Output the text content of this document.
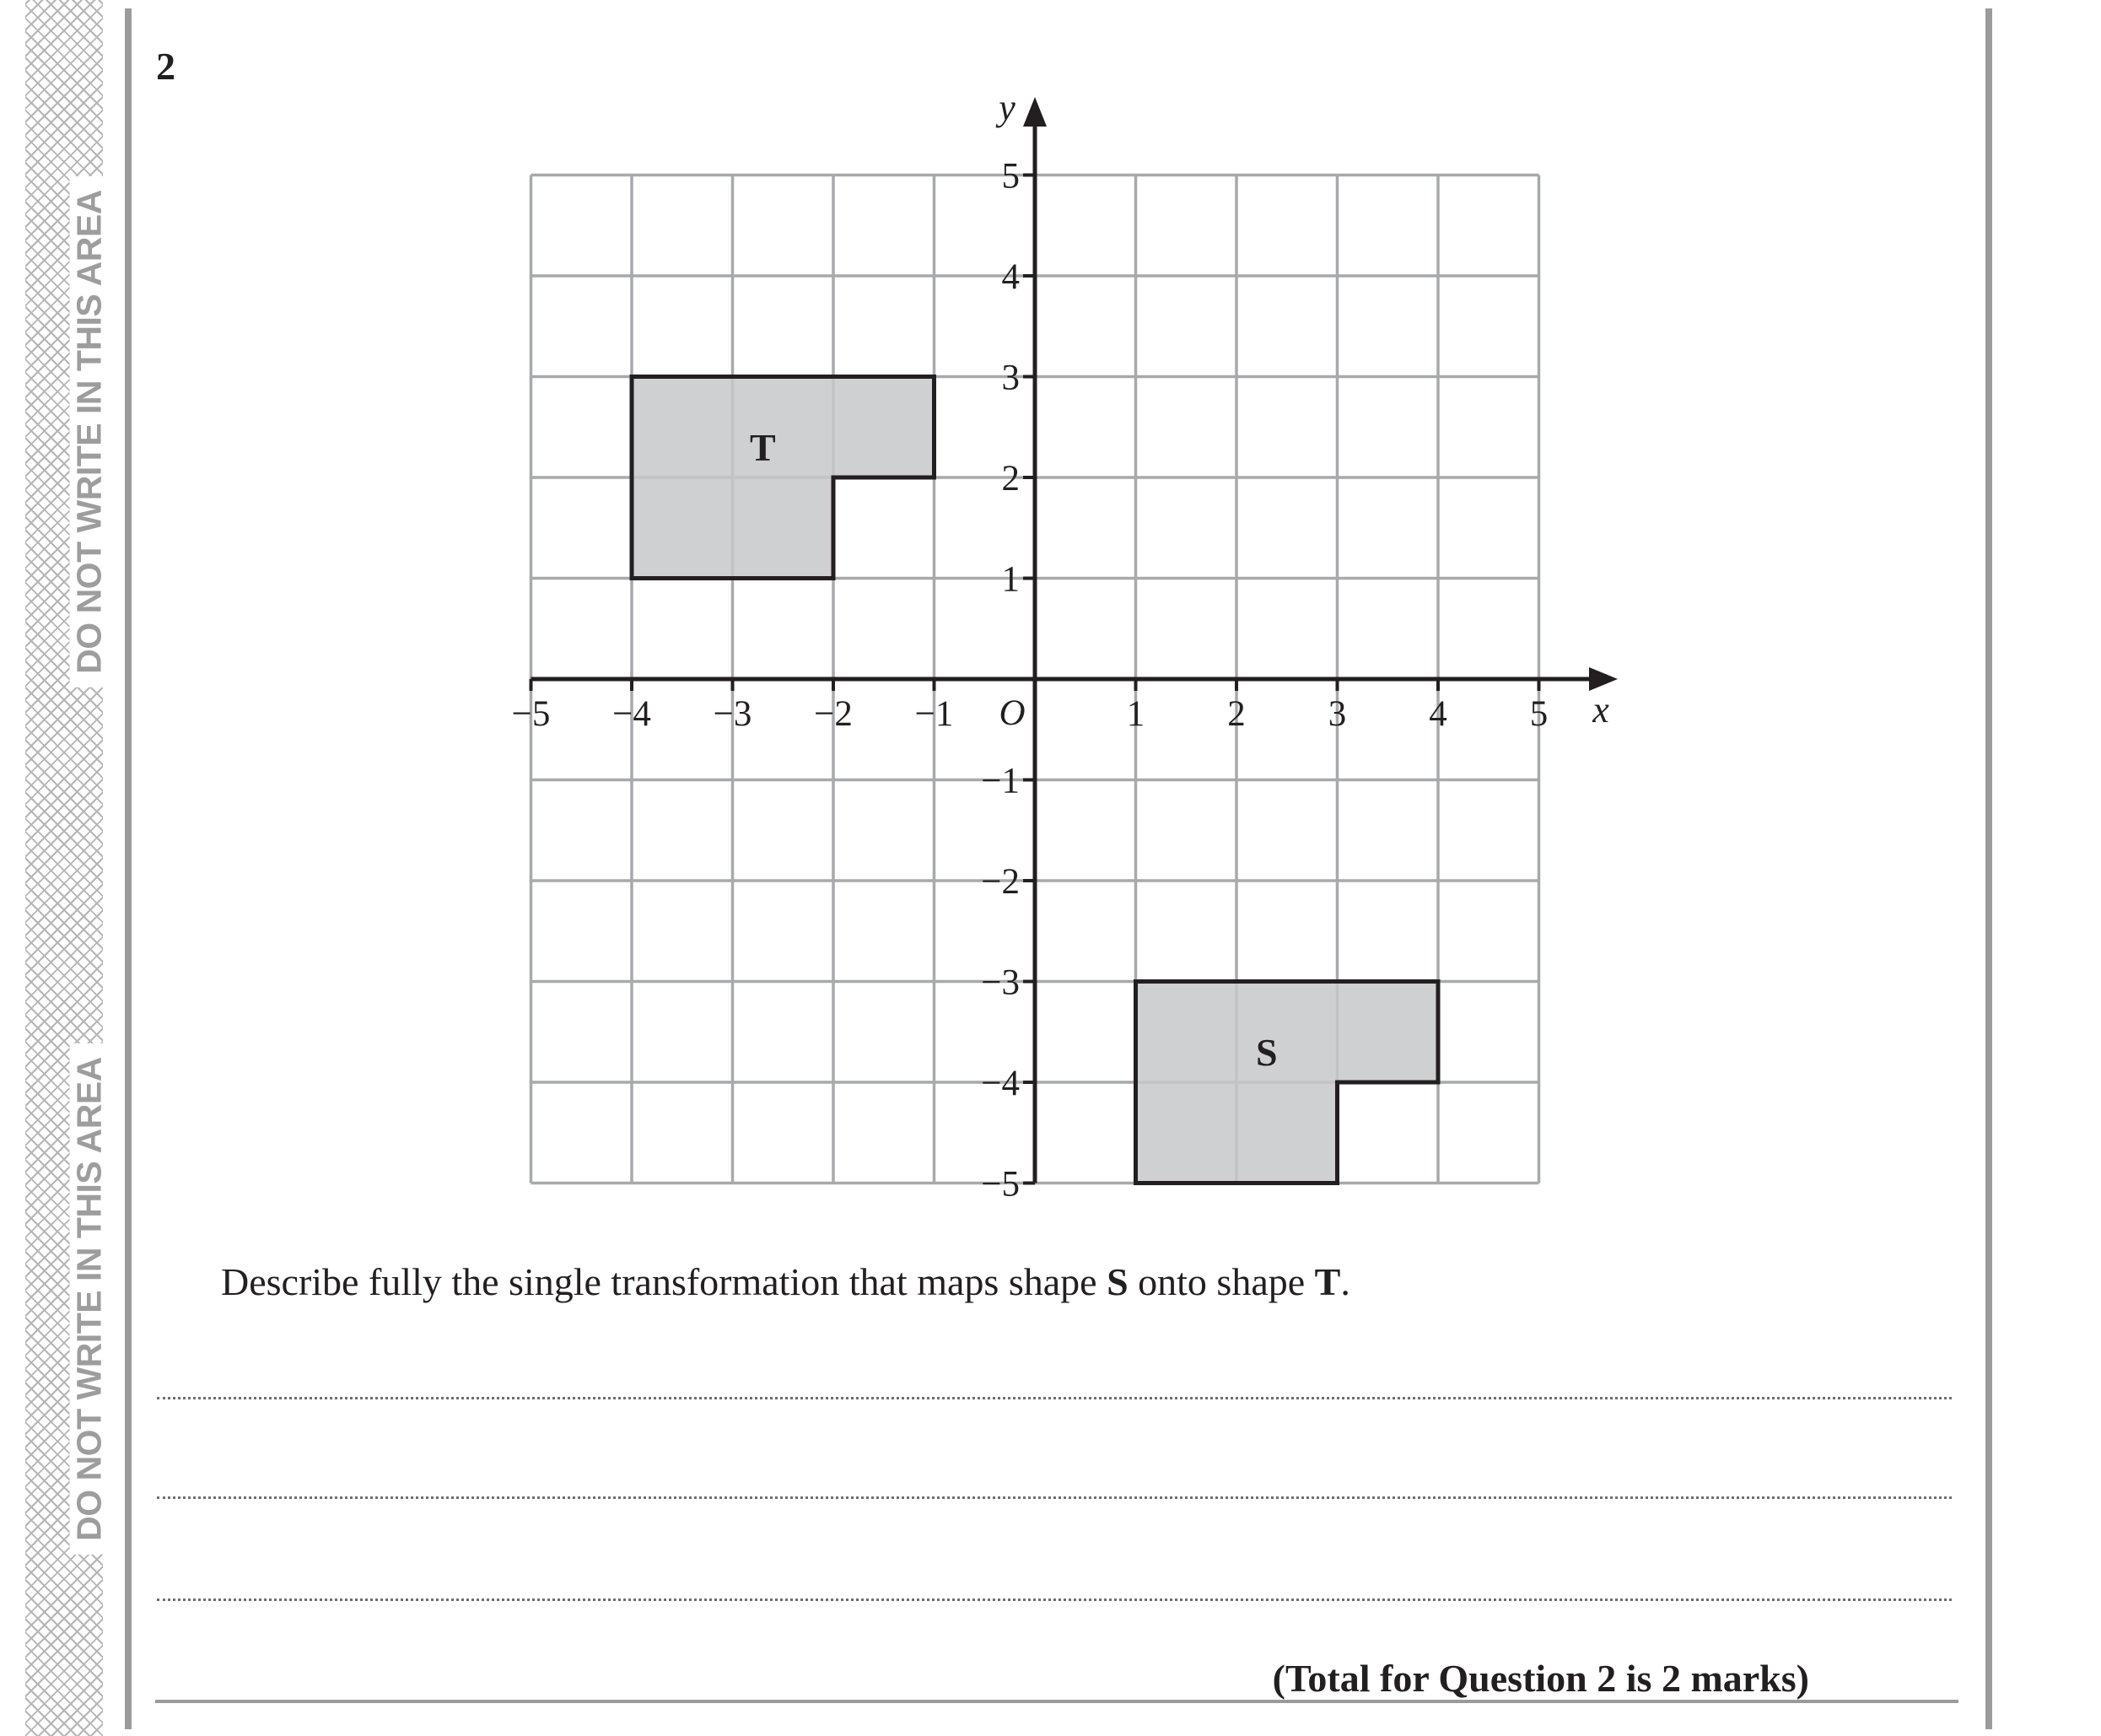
DO NOT WRITE IN THIS AREA
DO NOT WRITE IN THIS AREA
2
T
S
−5 −4 −3 −2 −1	1 2 3 4 5
5
4
3
2
1
−1
−2
−3
−4
−5
O	x
y
Describe fully the single transformation that maps shape S onto shape T.
(Total for Question 2 is 2 marks)
